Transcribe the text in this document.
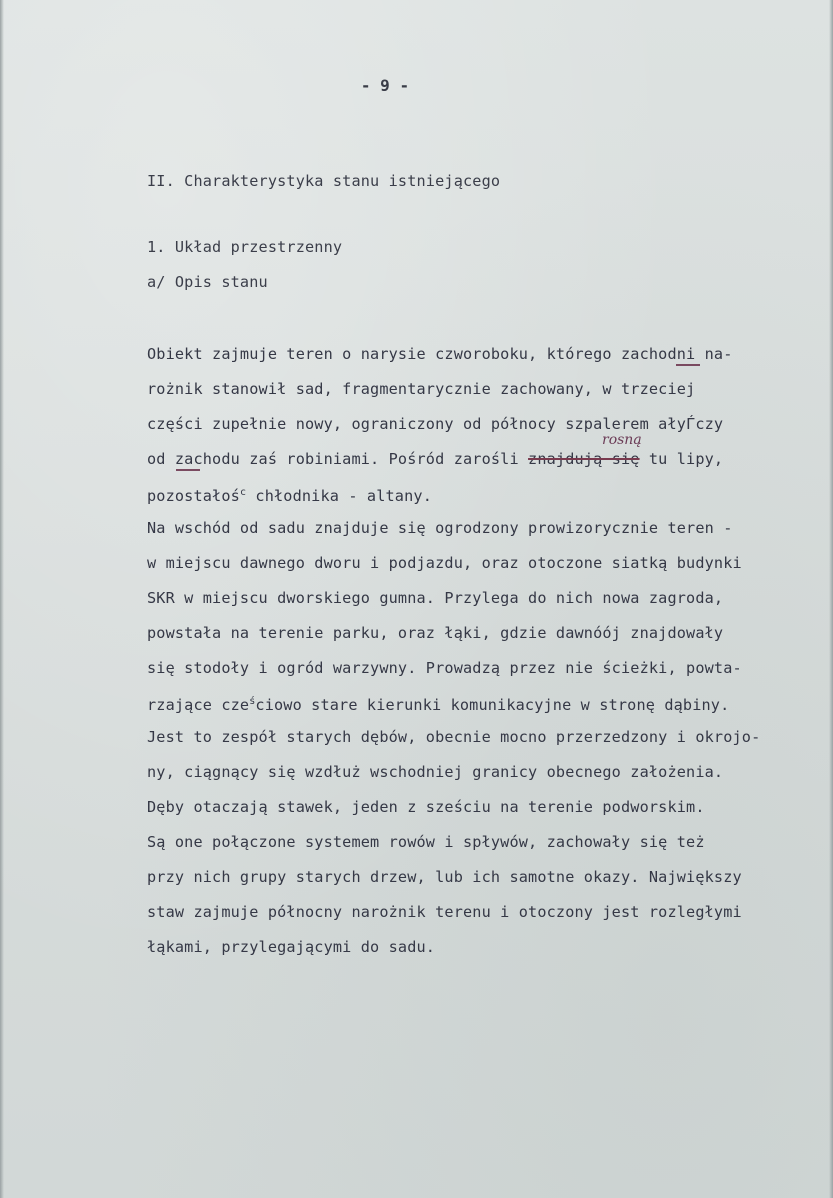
- 9 -
II. Charakterystyka stanu istniejącego
1. Układ przestrzenny
a/ Opis stanu
Obiekt zajmuje teren o narysie czworoboku, którego zachodni na-
rożnik stanowił sad, fragmentarycznie zachowany, w trzeciej
części zupełnie nowy, ograniczony od północy szpalerem ałyЃczy
od zachodu zaś robiniami. Pośród zarośli znajdują się tu lipy,
rosną
pozostałoś$^c$ chłodnika - altany.
Na wschód od sadu znajduje się ogrodzony prowizorycznie teren -
w miejscu dawnego dworu i podjazdu, oraz otoczone siatką budynki
SKR w miejscu dworskiego gumna. Przylega do nich nowa zagroda,
powstała na terenie parku, oraz łąki, gdzie dawnóój znajdowały
się stodoły i ogród warzywny. Prowadzą przez nie ścieżki, powta-
rzające cze$^ś$ciowo stare kierunki komunikacyjne w stronę dąbiny.
Jest to zespół starych dębów, obecnie mocno przerzedzony i okrojo-
ny, ciągnący się wzdłuż wschodniej granicy obecnego założenia.
Dęby otaczają stawek, jeden z sześciu na terenie podworskim.
Są one połączone systemem rowów i spływów, zachowały się też
przy nich grupy starych drzew, lub ich samotne okazy. Największy
staw zajmuje północny narożnik terenu i otoczony jest rozległymi
łąkami, przylegającymi do sadu.
